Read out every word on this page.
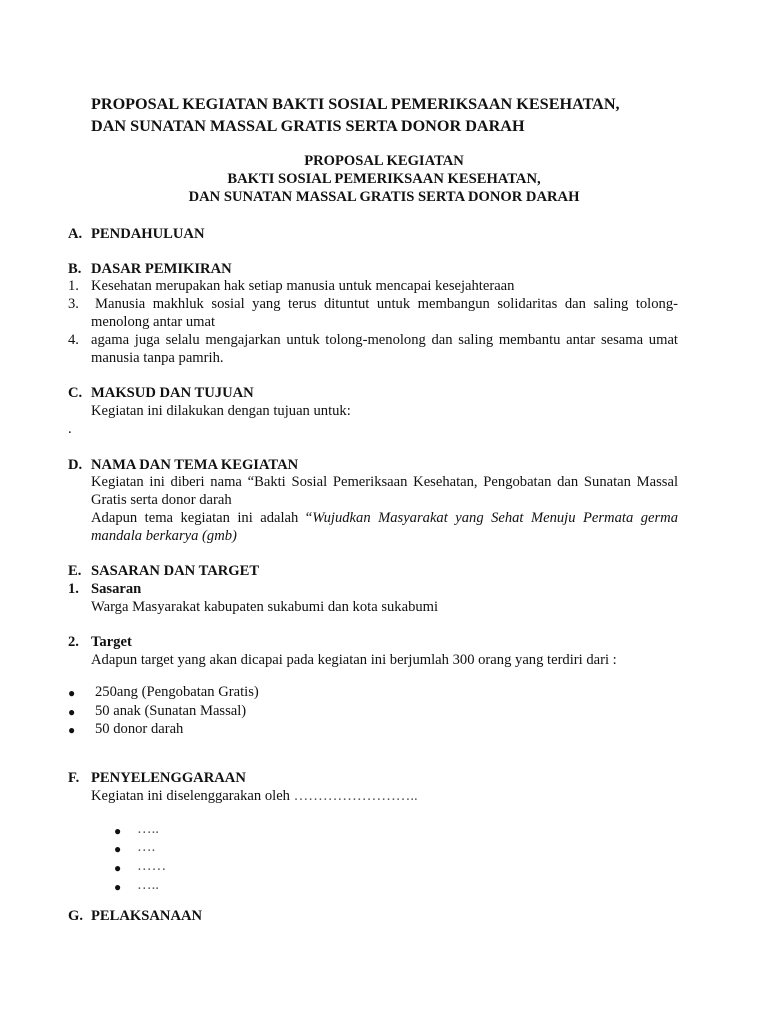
PROPOSAL KEGIATAN BAKTI SOSIAL PEMERIKSAAN KESEHATAN,
DAN SUNATAN MASSAL GRATIS SERTA DONOR DARAH
PROPOSAL KEGIATAN
BAKTI SOSIAL PEMERIKSAAN KESEHATAN,
DAN SUNATAN MASSAL GRATIS SERTA DONOR DARAH
A. PENDAHULUAN
B. DASAR PEMIKIRAN
1. Kesehatan merupakan hak setiap manusia untuk mencapai kesejahteraan
3. Manusia makhluk sosial yang terus dituntut untuk membangun solidaritas dan saling tolong-
menolong antar umat
4. agama juga selalu mengajarkan untuk tolong-menolong dan saling membantu antar sesama umat
manusia tanpa pamrih.
C. MAKSUD DAN TUJUAN
Kegiatan ini dilakukan dengan tujuan untuk:
.
D. NAMA DAN TEMA KEGIATAN
Kegiatan ini diberi nama “Bakti Sosial Pemeriksaan Kesehatan, Pengobatan dan Sunatan Massal
Gratis serta donor darah
Adapun tema kegiatan ini adalah “Wujudkan Masyarakat yang Sehat Menuju Permata germa
mandala berkarya (gmb)
E. SASARAN DAN TARGET
1. Sasaran
Warga Masyarakat kabupaten sukabumi dan kota sukabumi
2. Target
Adapun target yang akan dicapai pada kegiatan ini berjumlah 300 orang yang terdiri dari :
● 250ang (Pengobatan Gratis)
● 50 anak (Sunatan Massal)
● 50 donor darah
F. PENYELENGGARAAN
Kegiatan ini diselenggarakan oleh ……………………..
● …..
● ….
● ……
● …..
G. PELAKSANAAN
